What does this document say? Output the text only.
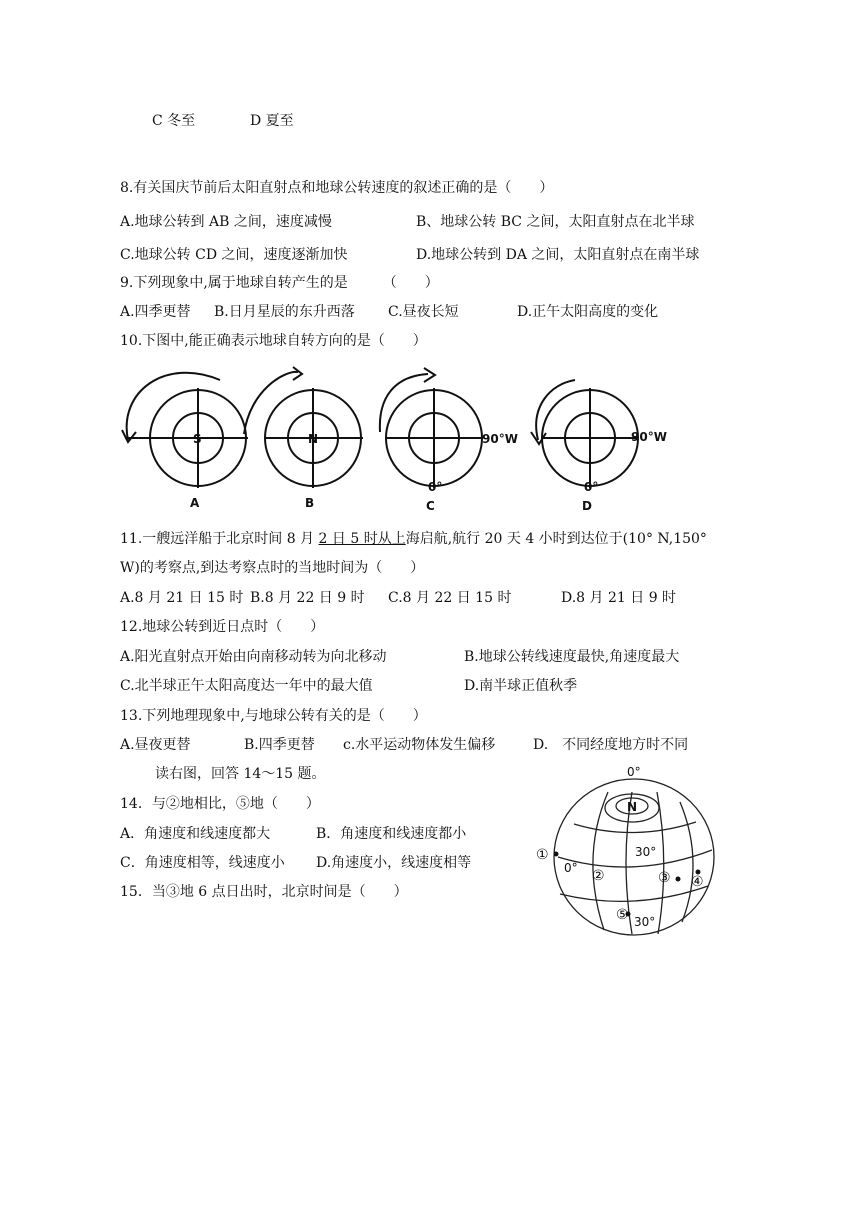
C 冬至	D 夏至
8.有关国庆节前后太阳直射点和地球公转速度的叙述正确的是（　　）
A.地球公转到 AB 之间，速度减慢	B、地球公转 BC 之间，太阳直射点在北半球
C.地球公转 CD 之间，速度逐渐加快	D.地球公转到 DA 之间，太阳直射点在南半球
9.下列现象中,属于地球自转产生的是　　　（　　）
A.四季更替 B.日月星辰的东升西落 C.昼夜长短	D.正午太阳高度的变化
10.下图中,能正确表示地球自转方向的是（　　）
S	N	90°W	90°W
0°	0°
A	B	C	D
11.一艘远洋船于北京时间 8 月 2 日 5 时从上海启航,航行 20 天 4 小时到达位于(10° N,150°
W)的考察点,到达考察点时的当地时间为（　　）
A.8 月 21 日 15 时 B.8 月 22 日 9 时 C.8 月 22 日 15 时	D.8 月 21 日 9 时
12.地球公转到近日点时（　　）
A.阳光直射点开始由向南移动转为向北移动	B.地球公转线速度最快,角速度最大
C.北半球正午太阳高度达一年中的最大值	D.南半球正值秋季
13.下列地理现象中,与地球公转有关的是（　　）
A.昼夜更替	B.四季更替 c.水平运动物体发生偏移	D.　不同经度地方时不同
读右图，回答 14～15 题。
14．与②地相比，⑤地（　　）
A．角速度和线速度都大	B．角速度和线速度都小
C．角速度相等，线速度小 D.角速度小，线速度相等
15．当③地 6 点日出时，北京时间是（　　）
0°
N
30°
0°
30°
①
②	③ ④
⑤
